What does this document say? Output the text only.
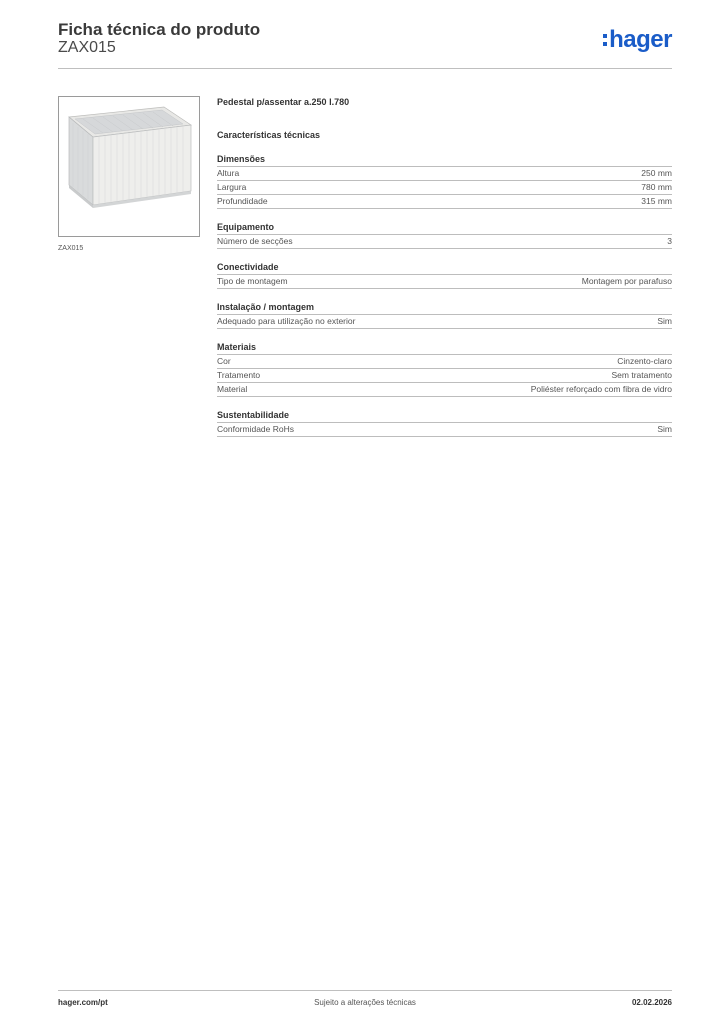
Ficha técnica do produto
ZAX015	hager
ZAX015
Pedestal p/assentar a.250 l.780
Características técnicas
Dimensões
Altura	250 mm
Largura	780 mm
Profundidade	315 mm
Equipamento
Número de secções	3
Conectividade
Tipo de montagem	Montagem por parafuso
Instalação / montagem
Adequado para utilização no exterior	Sim
Materiais
Cor	Cinzento-claro
Tratamento	Sem tratamento
Material	Poliéster reforçado com fibra de vidro
Sustentabilidade
Conformidade RoHs	Sim
hager.com/pt	Sujeito a alterações técnicas	02.02.2026
